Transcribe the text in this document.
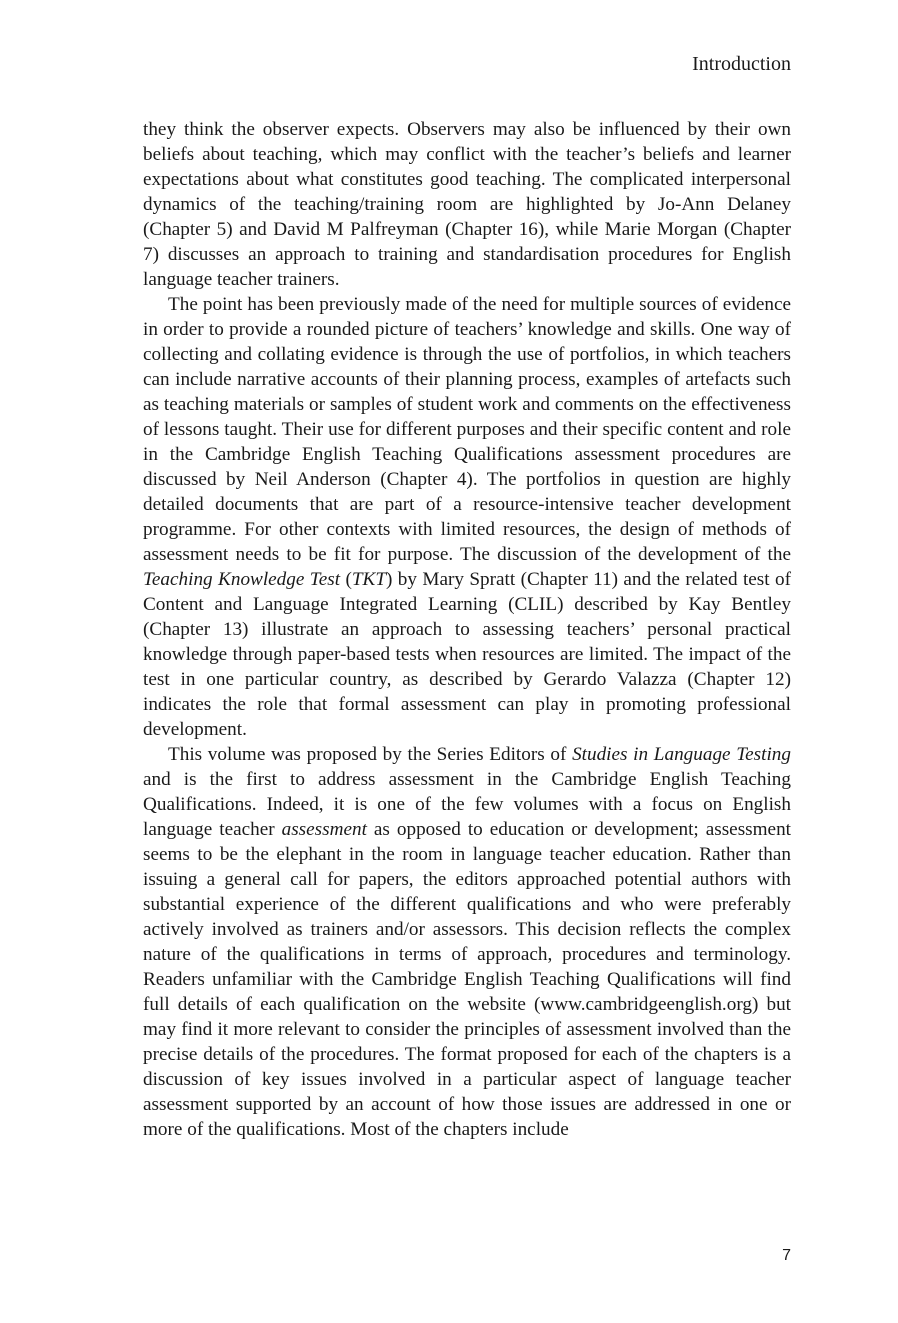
Introduction

they think the observer expects. Observers may also be influenced by their own beliefs about teaching, which may conflict with the teacher’s beliefs and learner expectations about what constitutes good teaching. The complicated interpersonal dynamics of the teaching/training room are highlighted by Jo-Ann Delaney (Chapter 5) and David M Palfreyman (Chapter 16), while Marie Morgan (Chapter 7) discusses an approach to training and standardisation procedures for English language teacher trainers.

The point has been previously made of the need for multiple sources of evidence in order to provide a rounded picture of teachers’ knowledge and skills. One way of collecting and collating evidence is through the use of portfolios, in which teachers can include narrative accounts of their planning process, examples of artefacts such as teaching materials or samples of student work and comments on the effectiveness of lessons taught. Their use for different purposes and their specific content and role in the Cambridge English Teaching Qualifications assessment procedures are discussed by Neil Anderson (Chapter 4). The portfolios in question are highly detailed documents that are part of a resource-intensive teacher development programme. For other contexts with limited resources, the design of methods of assessment needs to be fit for purpose. The discussion of the development of the Teaching Knowledge Test (TKT) by Mary Spratt (Chapter 11) and the related test of Content and Language Integrated Learning (CLIL) described by Kay Bentley (Chapter 13) illustrate an approach to assessing teachers’ personal practical knowledge through paper-based tests when resources are limited. The impact of the test in one particular country, as described by Gerardo Valazza (Chapter 12) indicates the role that formal assessment can play in promoting professional development.

This volume was proposed by the Series Editors of Studies in Language Testing and is the first to address assessment in the Cambridge English Teaching Qualifications. Indeed, it is one of the few volumes with a focus on English language teacher assessment as opposed to education or development; assessment seems to be the elephant in the room in language teacher education. Rather than issuing a general call for papers, the editors approached potential authors with substantial experience of the different qualifications and who were preferably actively involved as trainers and/​or assessors. This decision reflects the complex nature of the qualifications in terms of approach, procedures and terminology. Readers unfamiliar with the Cambridge English Teaching Qualifications will find full details of each qualification on the website (www.cambridgeenglish.org) but may find it more relevant to consider the principles of assessment involved than the precise details of the procedures. The format proposed for each of the chapters is a discussion of key issues involved in a particular aspect of language teacher assessment supported by an account of how those issues are addressed in one or more of the qualifications. Most of the chapters include

7
